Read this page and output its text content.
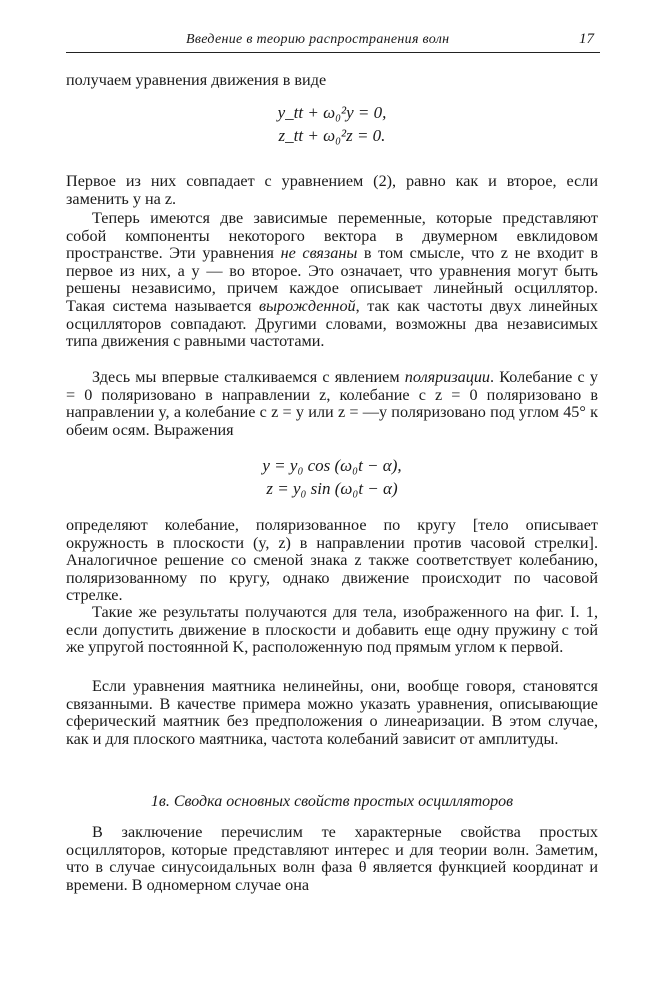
Введение в теорию распространения волн	17

получаем уравнения движения в виде

y_tt + ω₀²y = 0,
z_tt + ω₀²z = 0.

Первое из них совпадает с уравнением (2), равно как и второе, если заменить y на z.

Теперь имеются две зависимые переменные, которые представляют собой компоненты некоторого вектора в двумерном евклидовом пространстве. Эти уравнения не связаны в том смысле, что z не входит в первое из них, а y — во второе. Это означает, что уравнения могут быть решены независимо, причем каждое описывает линейный осциллятор. Такая система называется вырожденной, так как частоты двух линейных осцилляторов совпадают. Другими словами, возможны два независимых типа движения с равными частотами.

Здесь мы впервые сталкиваемся с явлением поляризации. Колебание с y = 0 поляризовано в направлении z, колебание с z = 0 поляризовано в направлении y, а колебание с z = y или z = —y поляризовано под углом 45° к обеим осям. Выражения

y = y₀ cos (ω₀t − α),
z = y₀ sin (ω₀t − α)

определяют колебание, поляризованное по кругу [тело описывает окружность в плоскости (y, z) в направлении против часовой стрелки]. Аналогичное решение со сменой знака z также соответствует колебанию, поляризованному по кругу, однако движение происходит по часовой стрелке.

Такие же результаты получаются для тела, изображенного на фиг. I. 1, если допустить движение в плоскости и добавить еще одну пружину с той же упругой постоянной K, расположенную под прямым углом к первой.

Если уравнения маятника нелинейны, они, вообще говоря, становятся связанными. В качестве примера можно указать уравнения, описывающие сферический маятник без предположения о линеаризации. В этом случае, как и для плоского маятника, частота колебаний зависит от амплитуды.

1в. Сводка основных свойств простых осцилляторов

В заключение перечислим те характерные свойства простых осцилляторов, которые представляют интерес и для теории волн. Заметим, что в случае синусоидальных волн фаза θ является функцией координат и времени. В одномерном случае она
